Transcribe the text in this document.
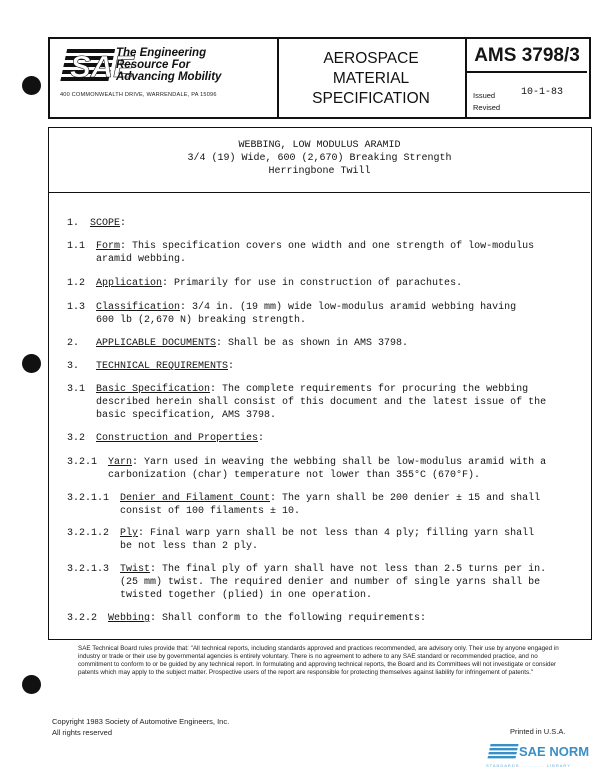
SAE
The Engineering
Resource For
Advancing Mobility
400 COMMONWEALTH DRIVE, WARRENDALE, PA 15096
AEROSPACE
MATERIAL
SPECIFICATION
AMS 3798/3
Issued	10-1-83
Revised
WEBBING, LOW MODULUS ARAMID
3/4 (19) Wide, 600 (2,670) Breaking Strength
Herringbone Twill
1. SCOPE:
1.1 Form: This specification covers one width and one strength of low-modulus
aramid webbing.
1.2 Application: Primarily for use in construction of parachutes.
1.3 Classification: 3/4 in. (19 mm) wide low-modulus aramid webbing having
600 lb (2,670 N) breaking strength.
2. APPLICABLE DOCUMENTS: Shall be as shown in AMS 3798.
3. TECHNICAL REQUIREMENTS:
3.1 Basic Specification: The complete requirements for procuring the webbing
described herein shall consist of this document and the latest issue of the
basic specification, AMS 3798.
3.2 Construction and Properties:
3.2.1 Yarn: Yarn used in weaving the webbing shall be low-modulus aramid with a
carbonization (char) temperature not lower than 355°C (670°F).
3.2.1.1 Denier and Filament Count: The yarn shall be 200 denier ± 15 and shall
consist of 100 filaments ± 10.
3.2.1.2 Ply: Final warp yarn shall be not less than 4 ply; filling yarn shall
be not less than 2 ply.
3.2.1.3 Twist: The final ply of yarn shall have not less than 2.5 turns per in.
(25 mm) twist. The required denier and number of single yarns shall be
twisted together (plied) in one operation.
3.2.2 Webbing: Shall conform to the following requirements:
SAE Technical Board rules provide that: "All technical reports, including standards approved and practices recommended, are advisory only. Their use by anyone engaged in industry or trade or their use by governmental agencies is entirely voluntary. There is no agreement to adhere to any SAE standard or recommended practice, and no commitment to conform to or be guided by any technical report. In formulating and approving technical reports, the Board and its Committees will not investigate or consider patents which may apply to the subject matter. Prospective users of the report are responsible for protecting themselves against liability for infringement of patents."
Copyright 1983 Society of Automotive Engineers, Inc.
All rights reserved	Printed in U.S.A.
SAE NORM
STANDARDS ........... LIBRARY
